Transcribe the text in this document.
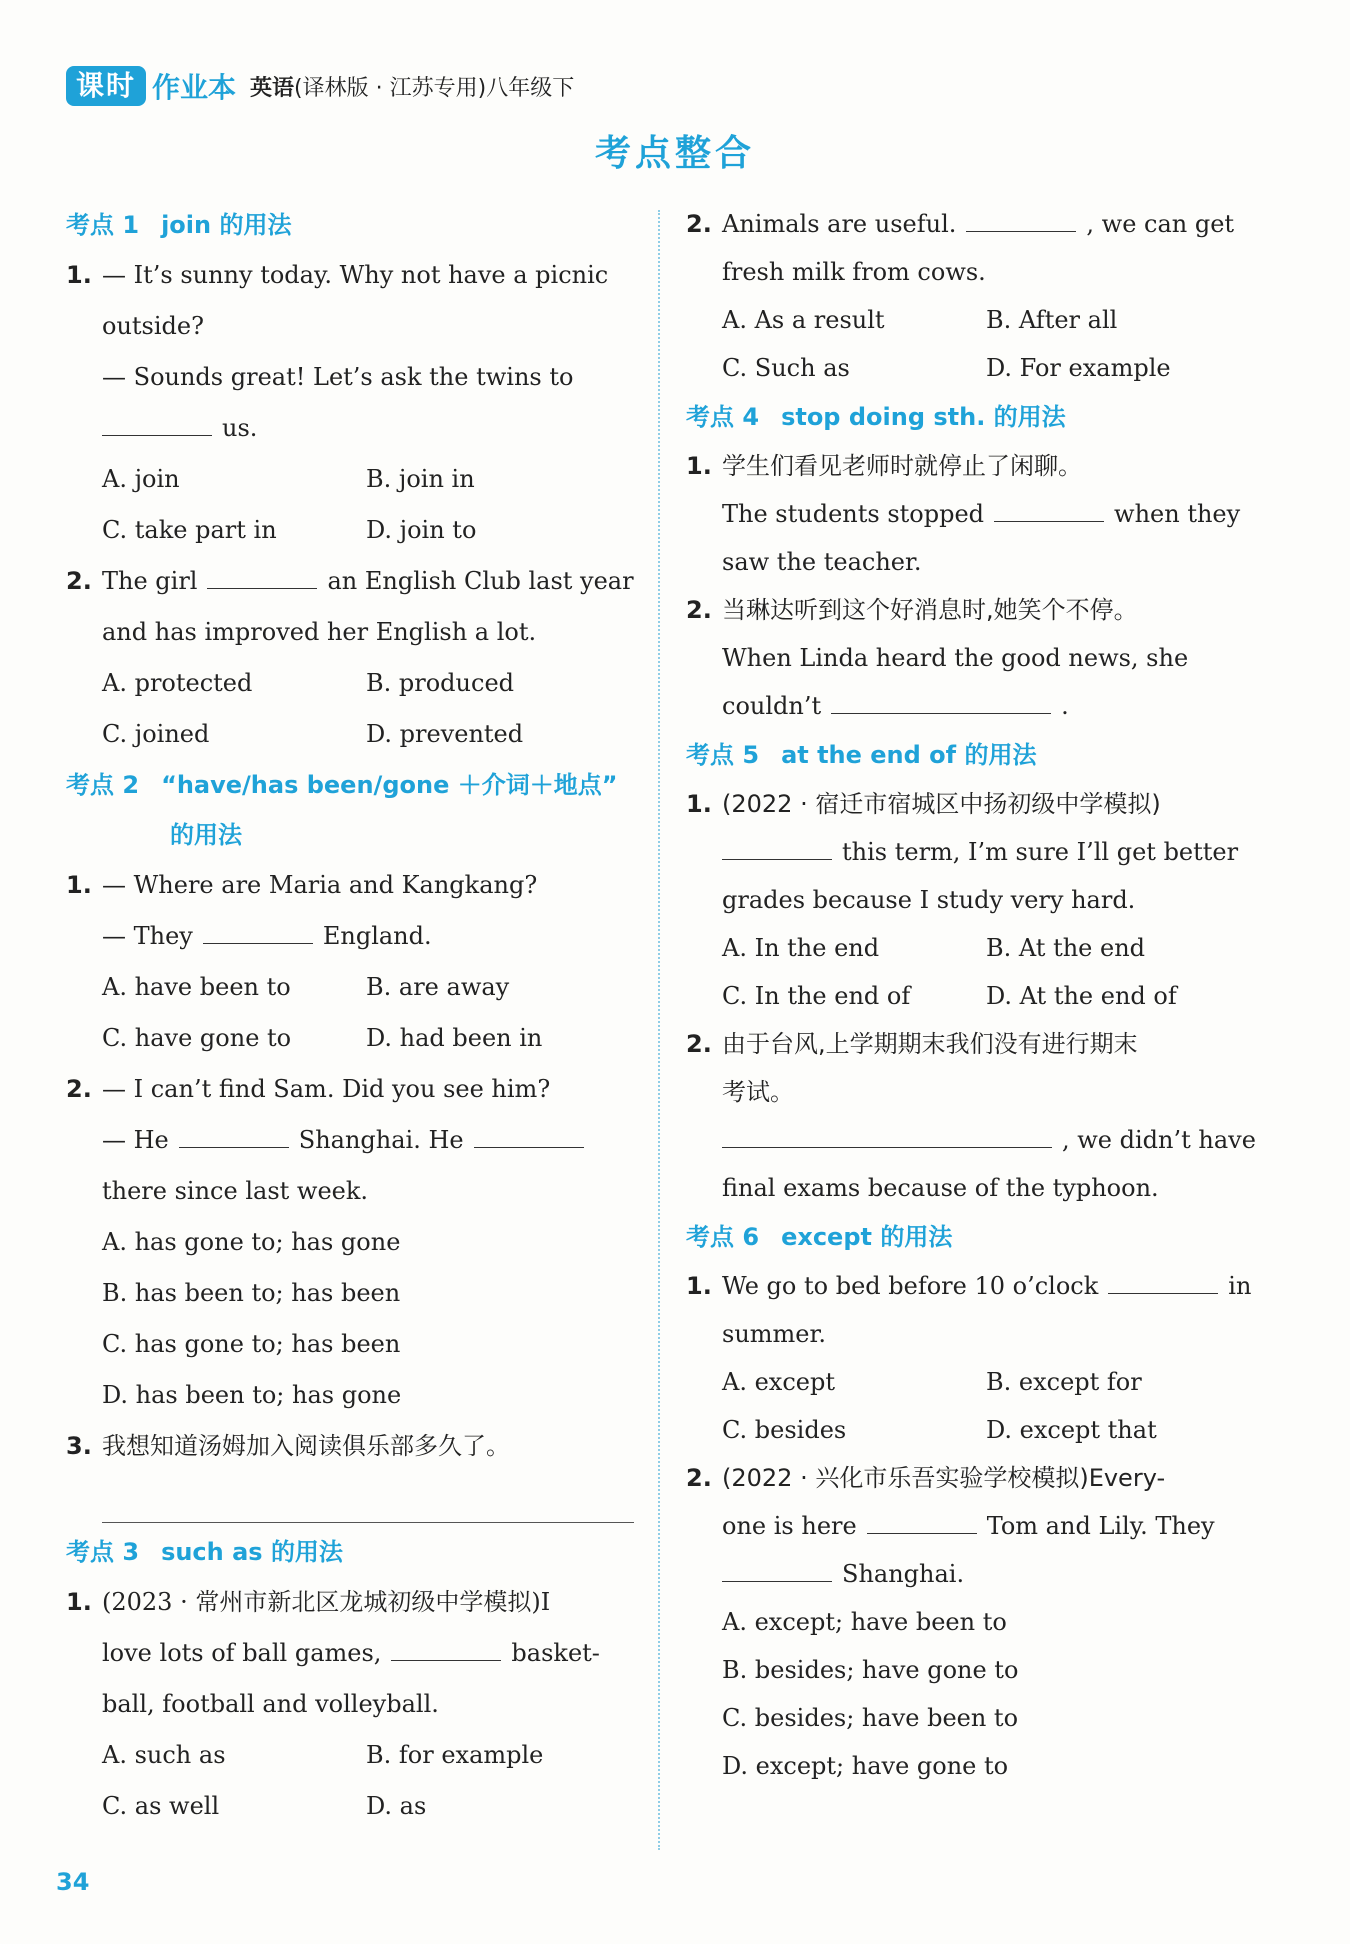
课时 作业本 英语(译林版 · 江苏专用)八年级下
考点整合
考点 1 join 的用法
1. — It’s sunny today. Why not have a picnic
outside?
— Sounds great! Let’s ask the twins to
us.
A. join	B. join in
C. take part in	D. join to
2. The girl	an English Club last year
and has improved her English a lot.
A. protected	B. produced
C. joined	D. prevented
考点 2 “have/has been/gone ＋介词＋地点”
的用法
1. — Where are Maria and Kangkang?
— They	England.
A. have been to	B. are away
C. have gone to	D. had been in
2. — I can’t find Sam. Did you see him?
— He	Shanghai. He
there since last week.
A. has gone to; has gone
B. has been to; has been
C. has gone to; has been
D. has been to; has gone
3. 我想知道汤姆加入阅读俱乐部多久了。
考点 3 such as 的用法
1. (2023 · 常州市新北区龙城初级中学模拟)I
love lots of ball games,	basket-
ball, football and volleyball.
A. such as	B. for example
C. as well	D. as
2. Animals are useful.	, we can get
fresh milk from cows.
A. As a result	B. After all
C. Such as	D. For example
考点 4 stop doing sth. 的用法
1. 学生们看见老师时就停止了闲聊。
The students stopped	when they
saw the teacher.
2. 当琳达听到这个好消息时,她笑个不停。
When Linda heard the good news, she
couldn’t	.
考点 5 at the end of 的用法
1. (2022 · 宿迁市宿城区中扬初级中学模拟)
this term, I’m sure I’ll get better
grades because I study very hard.
A. In the end	B. At the end
C. In the end of	D. At the end of
2. 由于台风,上学期期末我们没有进行期末
考试。
, we didn’t have
final exams because of the typhoon.
考点 6 except 的用法
1. We go to bed before 10 o’clock	in
summer.
A. except	B. except for
C. besides	D. except that
2. (2022 · 兴化市乐吾实验学校模拟)Every-
one is here	Tom and Lily. They
Shanghai.
A. except; have been to
B. besides; have gone to
C. besides; have been to
D. except; have gone to
34
